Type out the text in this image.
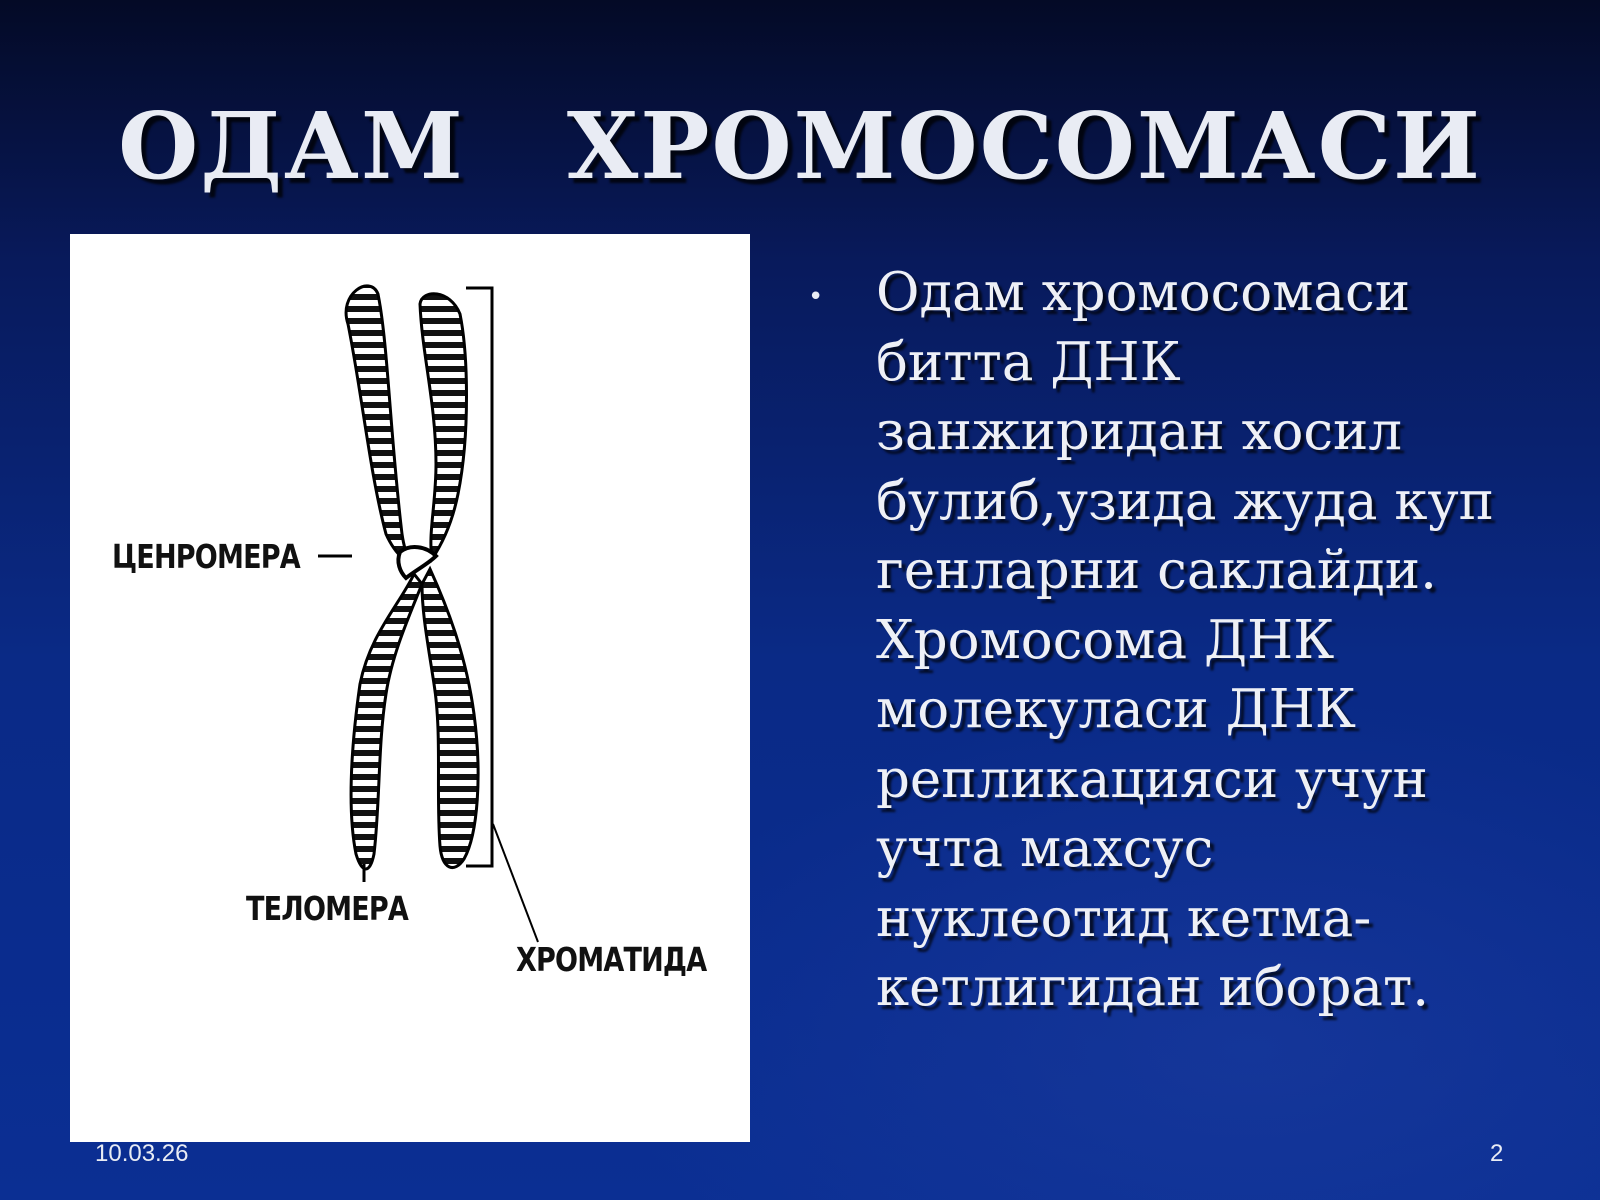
ОДАМ   ХРОМОСОМАСИ
ЦЕНРОМЕРА
ТЕЛОМЕРА
ХРОМАТИДА
• Одам хромосомаси
битта ДНК
занжиридан хосил
булиб,узида жуда куп
генларни саклайди.
Хромосома ДНК
молекуласи ДНК
репликацияси учун
учта махсус
нуклеотид кетма-
кетлигидан иборат.
10.03.26	2
